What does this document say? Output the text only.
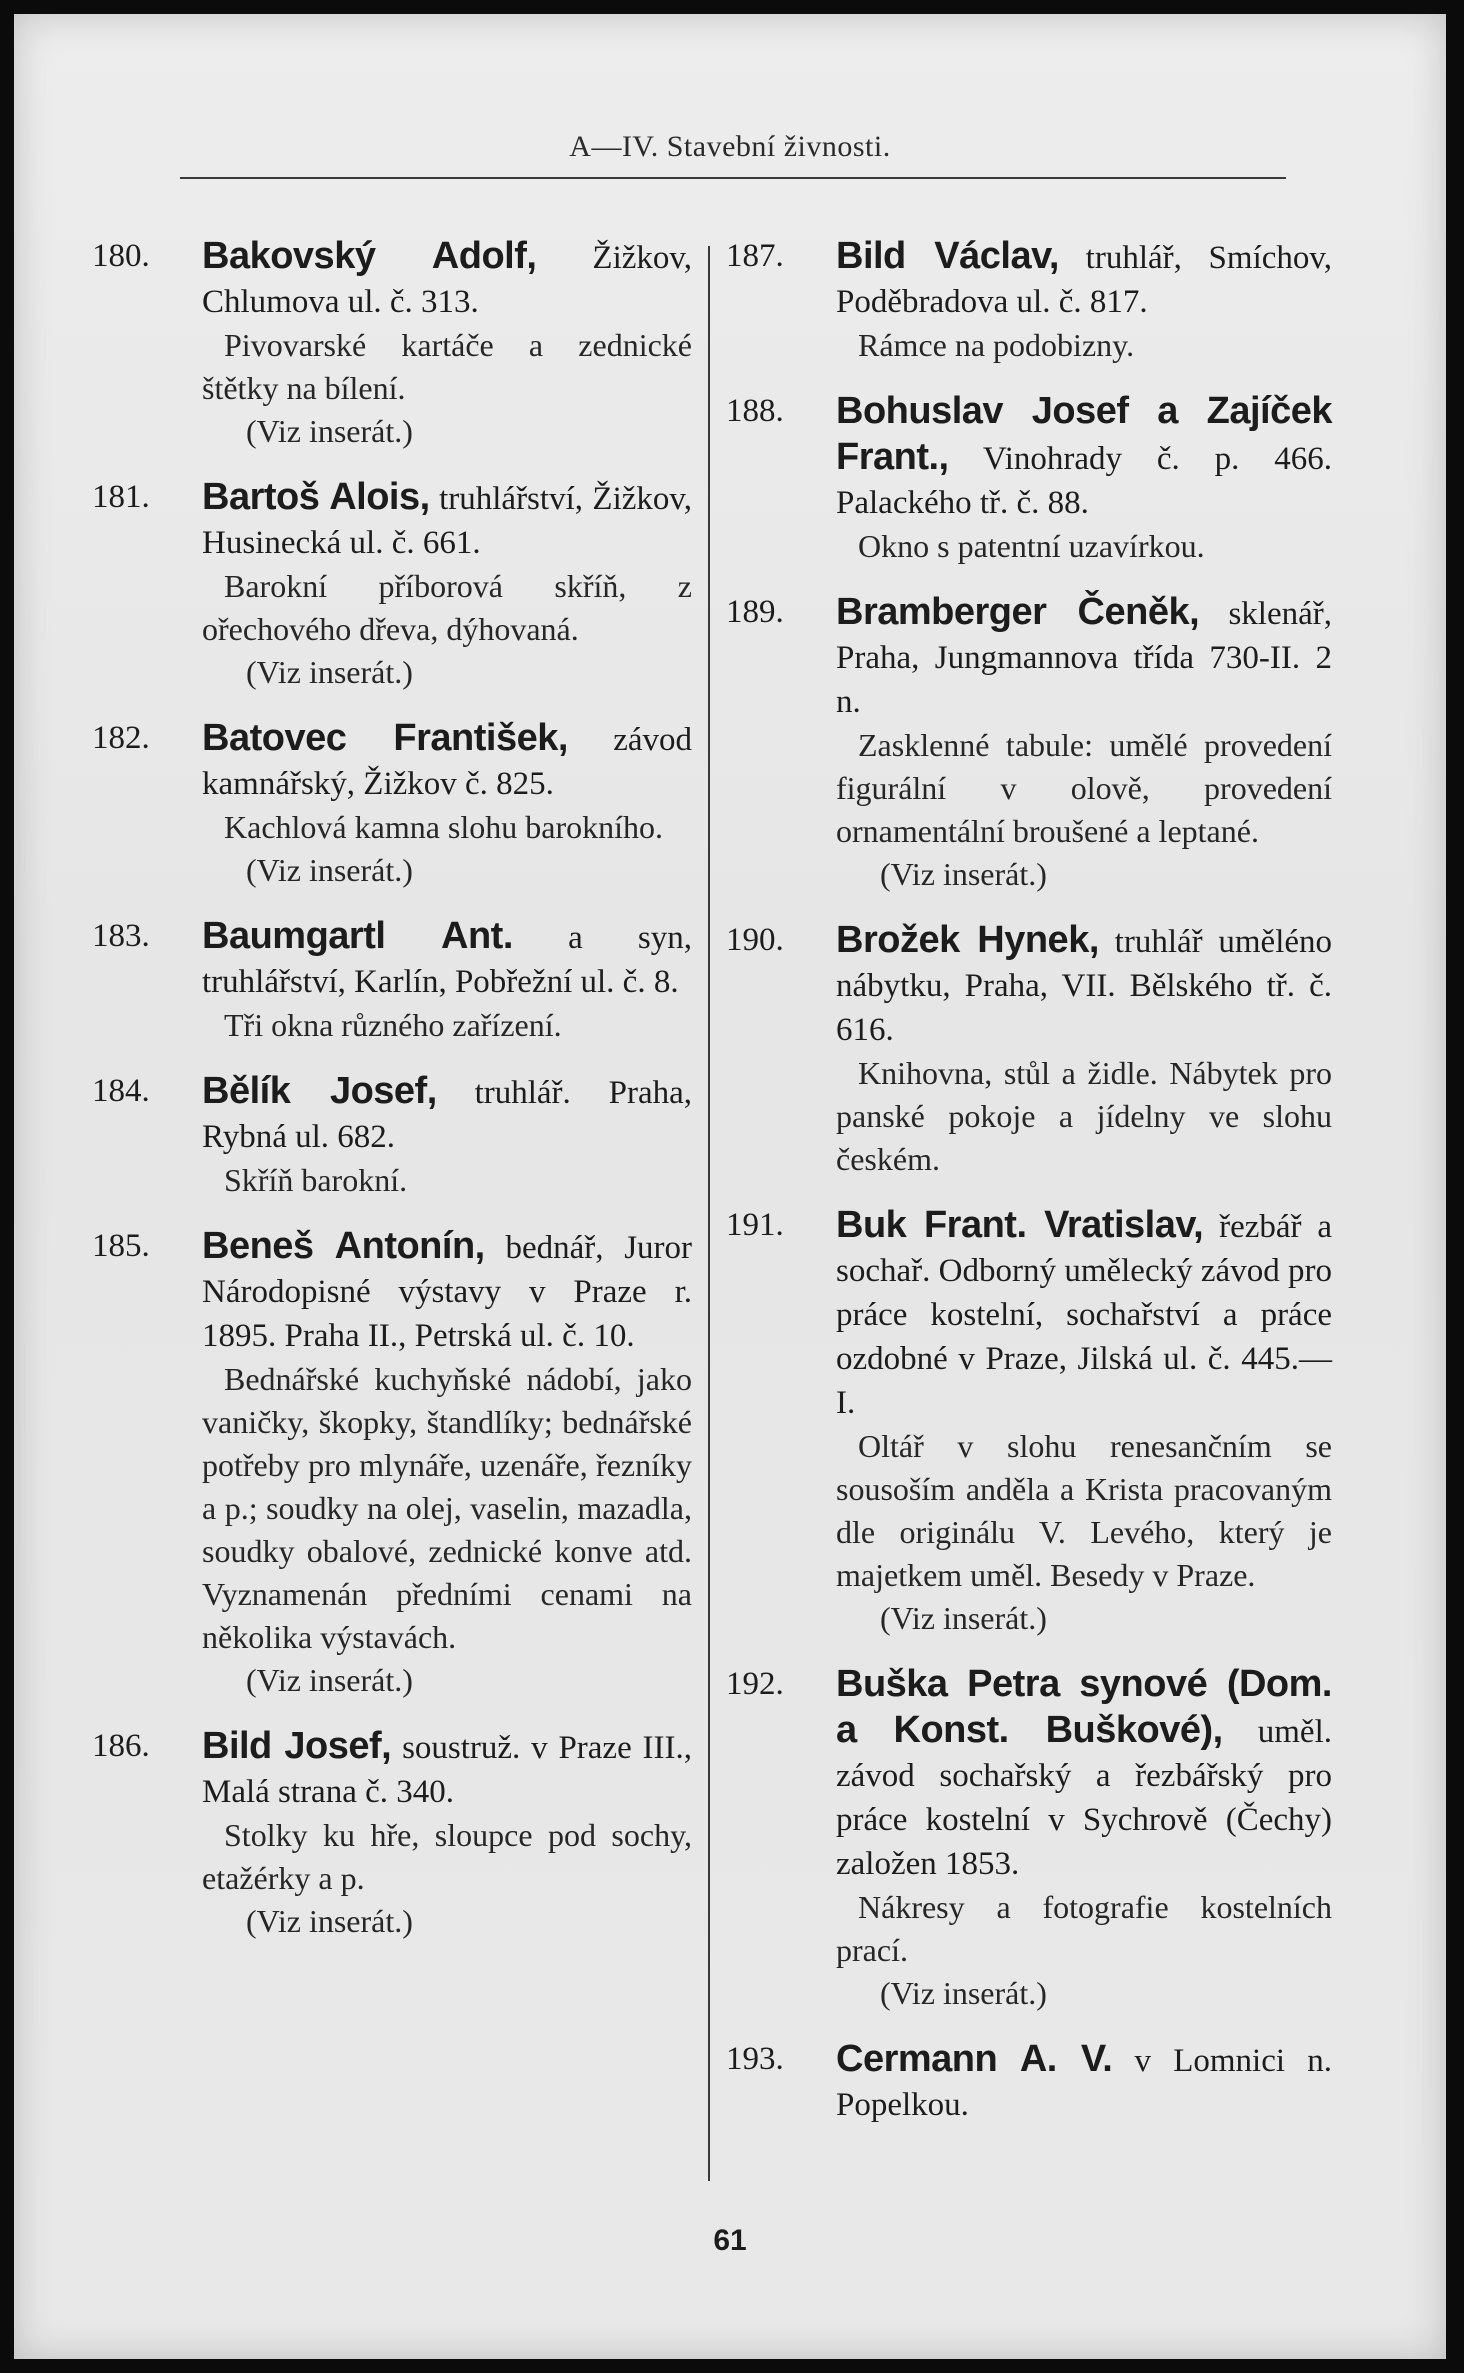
A—IV. Stavební živnosti.
180.	Bakovský Adolf, Žižkov, Chlumova ul. č. 313.
Pivovarské kartáče a zednické štětky na bílení.
(Viz inserát.)
181.	Bartoš Alois, truhlářství, Žižkov, Husinecká ul. č. 661.
Barokní příborová skříň, z ořechového dřeva, dýhovaná.
(Viz inserát.)
182.	Batovec František, závod kamnářský, Žižkov č. 825.
Kachlová kamna slohu barokního.
(Viz inserát.)
183.	Baumgartl Ant. a syn, truhlářství, Karlín, Pobřežní ul. č. 8.
Tři okna různého zařízení.
184.	Bělík Josef, truhlář. Praha, Rybná ul. 682.
Skříň barokní.
185.	Beneš Antonín, bednář, Juror Národopisné výstavy v Praze r. 1895. Praha II., Petrská ul. č. 10.
Bednářské kuchyňské nádobí, jako vaničky, škopky, štandlíky; bednářské potřeby pro mlynáře, uzenáře, řezníky a p.; soudky na olej, vaselin, mazadla, soudky obalové, zednické konve atd. Vyznamenán předními cenami na několika výstavách.
(Viz inserát.)
186.	Bild Josef, soustruž. v Praze III., Malá strana č. 340.
Stolky ku hře, sloupce pod sochy, etažérky a p.
(Viz inserát.)
187.	Bild Václav, truhlář, Smíchov, Poděbradova ul. č. 817.
Rámce na podobizny.
188.	Bohuslav Josef a Zajíček Frant., Vinohrady č. p. 466. Palackého tř. č. 88.
Okno s patentní uzavírkou.
189.	Bramberger Čeněk, sklenář, Praha, Jungmannova třída 730-II. 2 n.
Zasklenné tabule: umělé provedení figurální v olově, provedení ornamentální broušené a leptané.
(Viz inserát.)
190.	Brožek Hynek, truhlář uměléno nábytku, Praha, VII. Bělského tř. č. 616.
Knihovna, stůl a židle. Nábytek pro panské pokoje a jídelny ve slohu českém.
191.	Buk Frant. Vratislav, řezbář a sochař. Odborný umělecký závod pro práce kostelní, sochařství a práce ozdobné v Praze, Jilská ul. č. 445.—I.
Oltář v slohu renesančním se sousoším anděla a Krista pracovaným dle originálu V. Levého, který je majetkem uměl. Besedy v Praze.
(Viz inserát.)
192.	Buška Petra synové (Dom. a Konst. Buškové), uměl. závod sochařský a řezbářský pro práce kostelní v Sychrově (Čechy) založen 1853.
Nákresy a fotografie kostelních prací.
(Viz inserát.)
193.	Cermann A. V. v Lomnici n. Popelkou.
61
